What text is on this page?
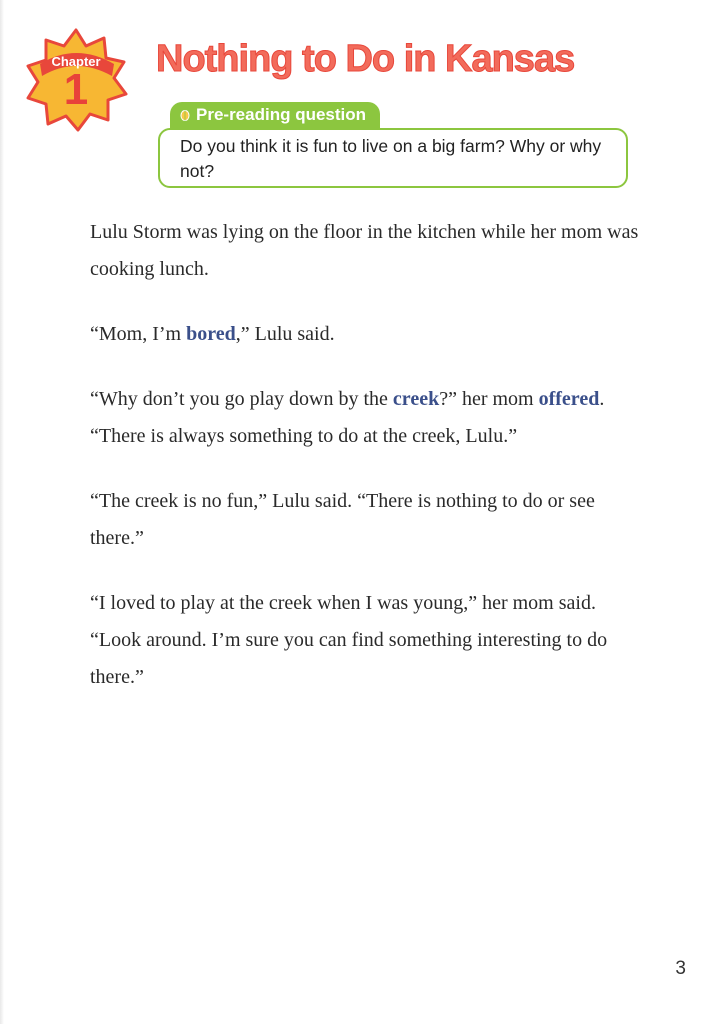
Chapter
1
Nothing to Do in Kansas
Pre-reading question

Do you think it is fun to live on a big farm? Why or why not?

Lulu Storm was lying on the floor in the kitchen while her mom was cooking lunch.

“Mom, I’m bored,” Lulu said.

“Why don’t you go play down by the creek?” her mom offered. “There is always something to do at the creek, Lulu.”

“The creek is no fun,” Lulu said. “There is nothing to do or see there.”

“I loved to play at the creek when I was young,” her mom said. “Look around. I’m sure you can find something interesting to do there.”

3
